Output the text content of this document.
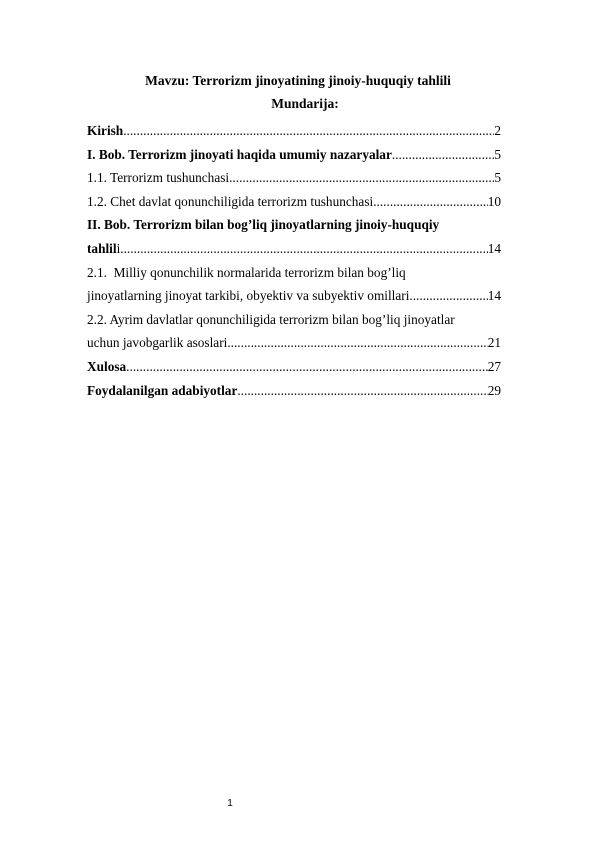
Mavzu: Terrorizm jinoyatining jinoiy-huquqiy tahlili
Mundarija:
Kirish .....	2
I. Bob. Terrorizm jinoyati haqida umumiy nazaryalar .....	5
1.1. Terrorizm tushunchasi .....	5
1.2. Chet davlat qonunchiligida terrorizm tushunchasi .....	10
II. Bob. Terrorizm bilan bog’liq jinoyatlarning jinoiy-huquqiy
tahlil i .....	14
2.1.  Milliy qonunchilik normalarida terrorizm bilan bog’liq
jinoyatlarning jinoyat tarkibi, obyektiv va subyektiv omillari .....	14
2.2. Ayrim davlatlar qonunchiligida terrorizm bilan bog’liq jinoyatlar
uchun javobgarlik asoslari .....	21
Xulosa .....	27
Foydalanilgan adabiyotlar .....	29
1
